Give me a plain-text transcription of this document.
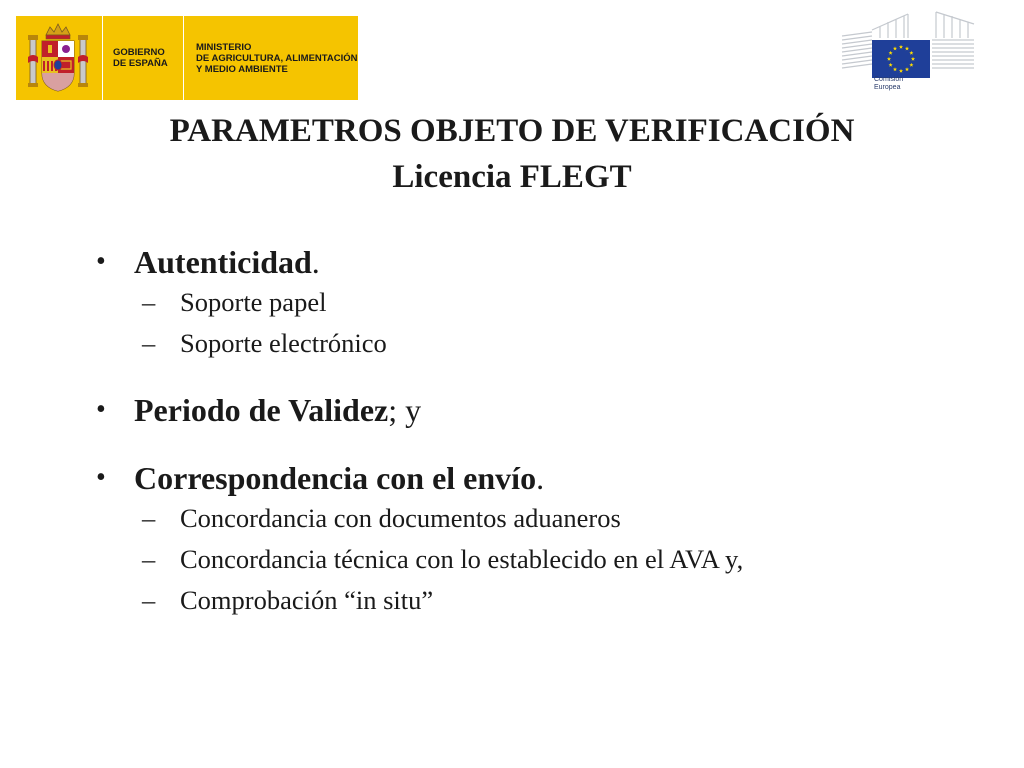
GOBIERNO
DE ESPAÑA
MINISTERIO
DE AGRICULTURA, ALIMENTACIÓN
Y MEDIO AMBIENTE
Comisión
Europea
PARAMETROS OBJETO DE VERIFICACIÓN
Licencia FLEGT
• Autenticidad.
– Soporte papel
– Soporte electrónico
• Periodo de Validez; y
• Correspondencia con el envío.
– Concordancia con documentos aduaneros
– Concordancia técnica con lo establecido en el AVA y,
– Comprobación “in situ”
